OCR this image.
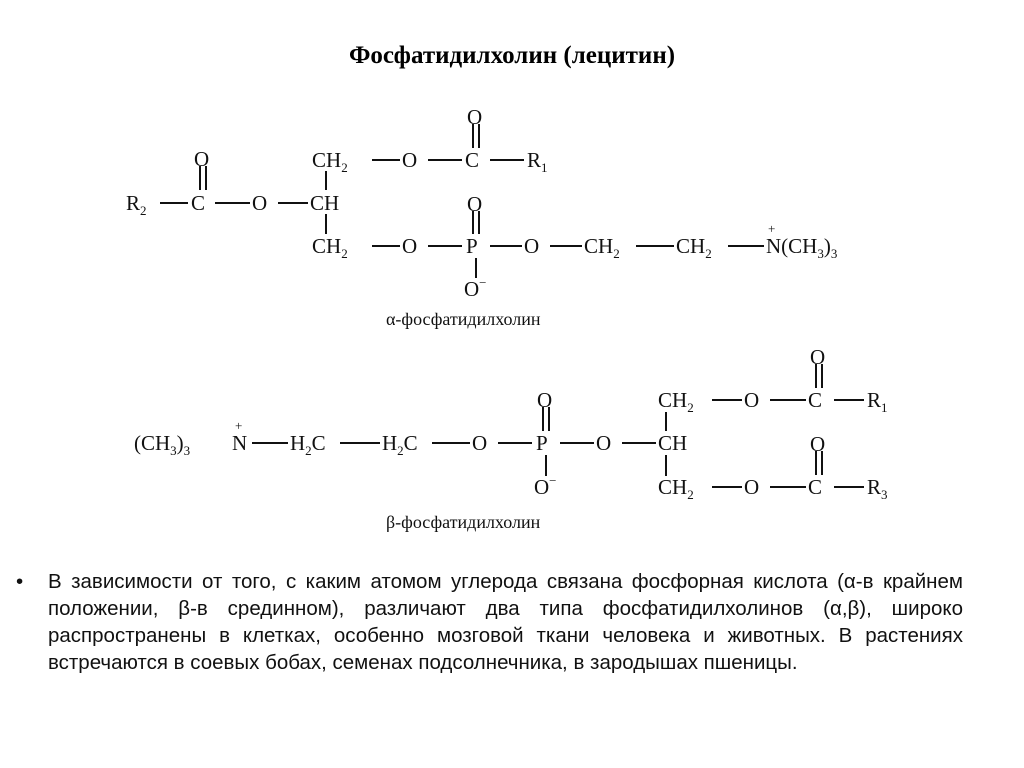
Фосфатидилхолин (лецитин)
O
$R_2$ C O CH
$CH_2$	O C
O
$R_1$
$CH_2$	O P
O
O−
O $CH_2$	$CH_2$
+
$N(CH_3)_3$
α-фосфатидилхолин
$(CH_3)_3$
+
N $H_2C$	$H_2C$	O P
O
O−
O CH
$CH_2$ O C
O
$R_1$
$CH_2$ O C
O
$R_3$
β-фосфатидилхолин
• В зависимости от того, с каким атомом углерода связана фосфорная кислота (α-в крайнем положении, β-в срединном), различают два типа фосфатидилхолинов (α,β), широко распространены в клетках, особенно мозговой ткани человека и животных. В растениях встречаются в соевых бобах, семенах подсолнечника, в зародышах пшеницы.
